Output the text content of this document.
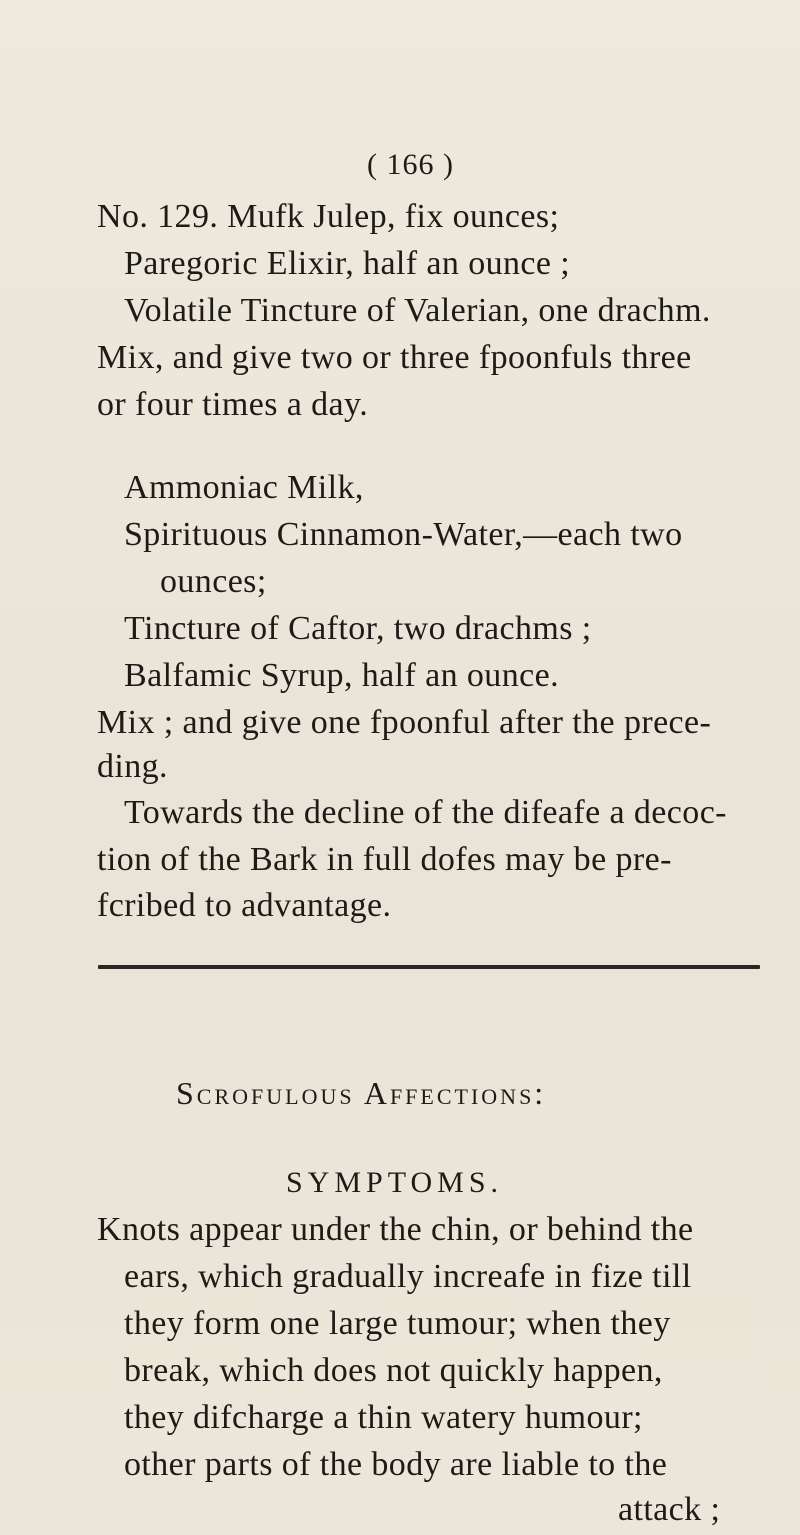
( 166 )
No. 129. Mufk Julep, fix ounces;
Paregoric Elixir, half an ounce ;
Volatile Tincture of Valerian, one drachm.
Mix, and give two or three fpoonfuls three
or four times a day.
Ammoniac Milk,
Spirituous Cinnamon-Water,—each two
ounces;
Tincture of Caftor, two drachms ;
Balfamic Syrup, half an ounce.
Mix ; and give one fpoonful after the prece-
ding.
Towards the decline of the difeafe a decoc-
tion of the Bark in full dofes may be pre-
fcribed to advantage.
Scrofulous Affections:
SYMPTOMS.
Knots appear under the chin, or behind the
ears, which gradually increafe in fize till
they form one large tumour; when they
break, which does not quickly happen,
they difcharge a thin watery humour;
other parts of the body are liable to the
attack ;
